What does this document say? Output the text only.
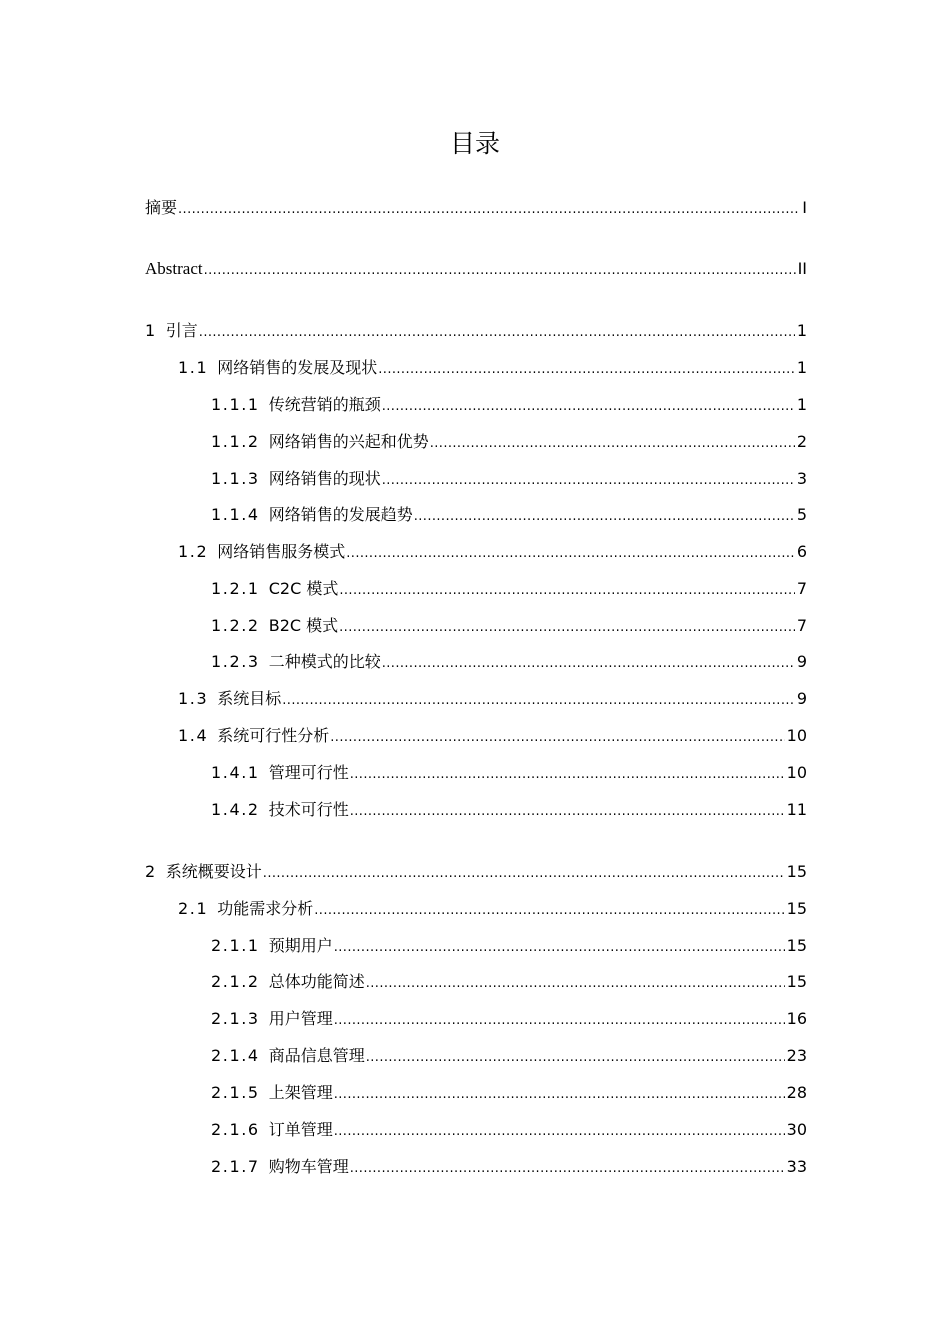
目录
摘要 .....	I
Abstract .....	II
1 引言 .....	1
1.1 网络销售的发展及现状 .....	1
1.1.1 传统营销的瓶颈 .....	1
1.1.2 网络销售的兴起和优势 .....	2
1.1.3 网络销售的现状 .....	3
1.1.4 网络销售的发展趋势 .....	5
1.2 网络销售服务模式 .....	6
1.2.1 C2C 模式 .....	7
1.2.2 B2C 模式 .....	7
1.2.3 二种模式的比较 .....	9
1.3 系统目标 .....	9
1.4 系统可行性分析 .....	10
1.4.1 管理可行性 .....	10
1.4.2 技术可行性 .....	11
2 系统概要设计 .....	15
2.1 功能需求分析 .....	15
2.1.1 预期用户 .....	15
2.1.2 总体功能简述 .....	15
2.1.3 用户管理 .....	16
2.1.4 商品信息管理 .....	23
2.1.5 上架管理 .....	28
2.1.6 订单管理 .....	30
2.1.7 购物车管理 .....	33
